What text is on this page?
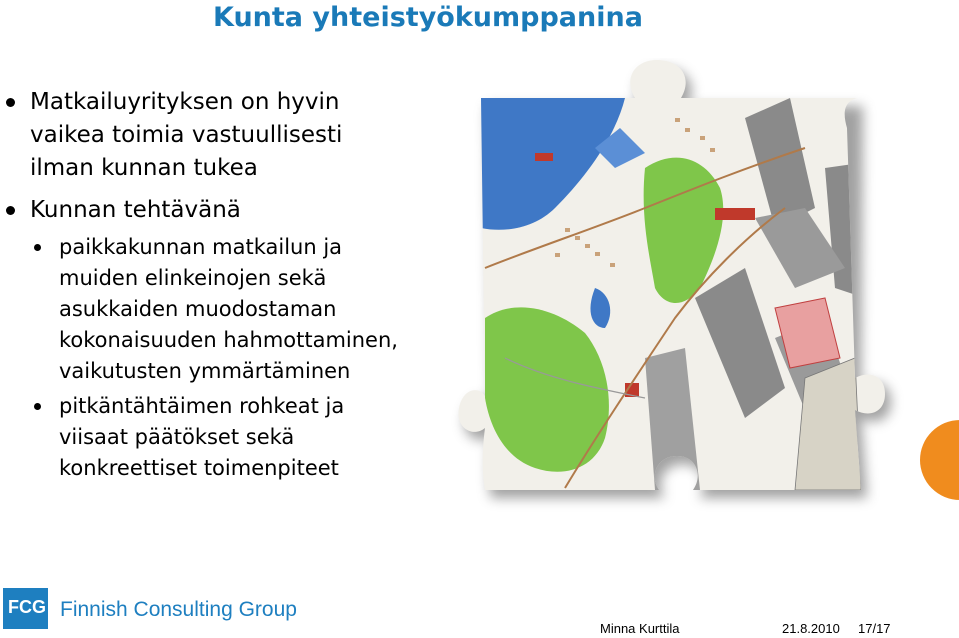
Kunta yhteistyökumppanina
Matkailuyrityksen on hyvin
vaikea toimia vastuullisesti
ilman kunnan tukea
Kunnan tehtävänä
paikkakunnan matkailun ja
muiden elinkeinojen sekä
asukkaiden muodostaman
kokonaisuuden hahmottaminen,
vaikutusten ymmärtäminen
pitkäntähtäimen rohkeat ja
viisaat päätökset sekä
konkreettiset toimenpiteet
FCG Finnish Consulting Group
Minna Kurttila	21.8.2010 17/17
